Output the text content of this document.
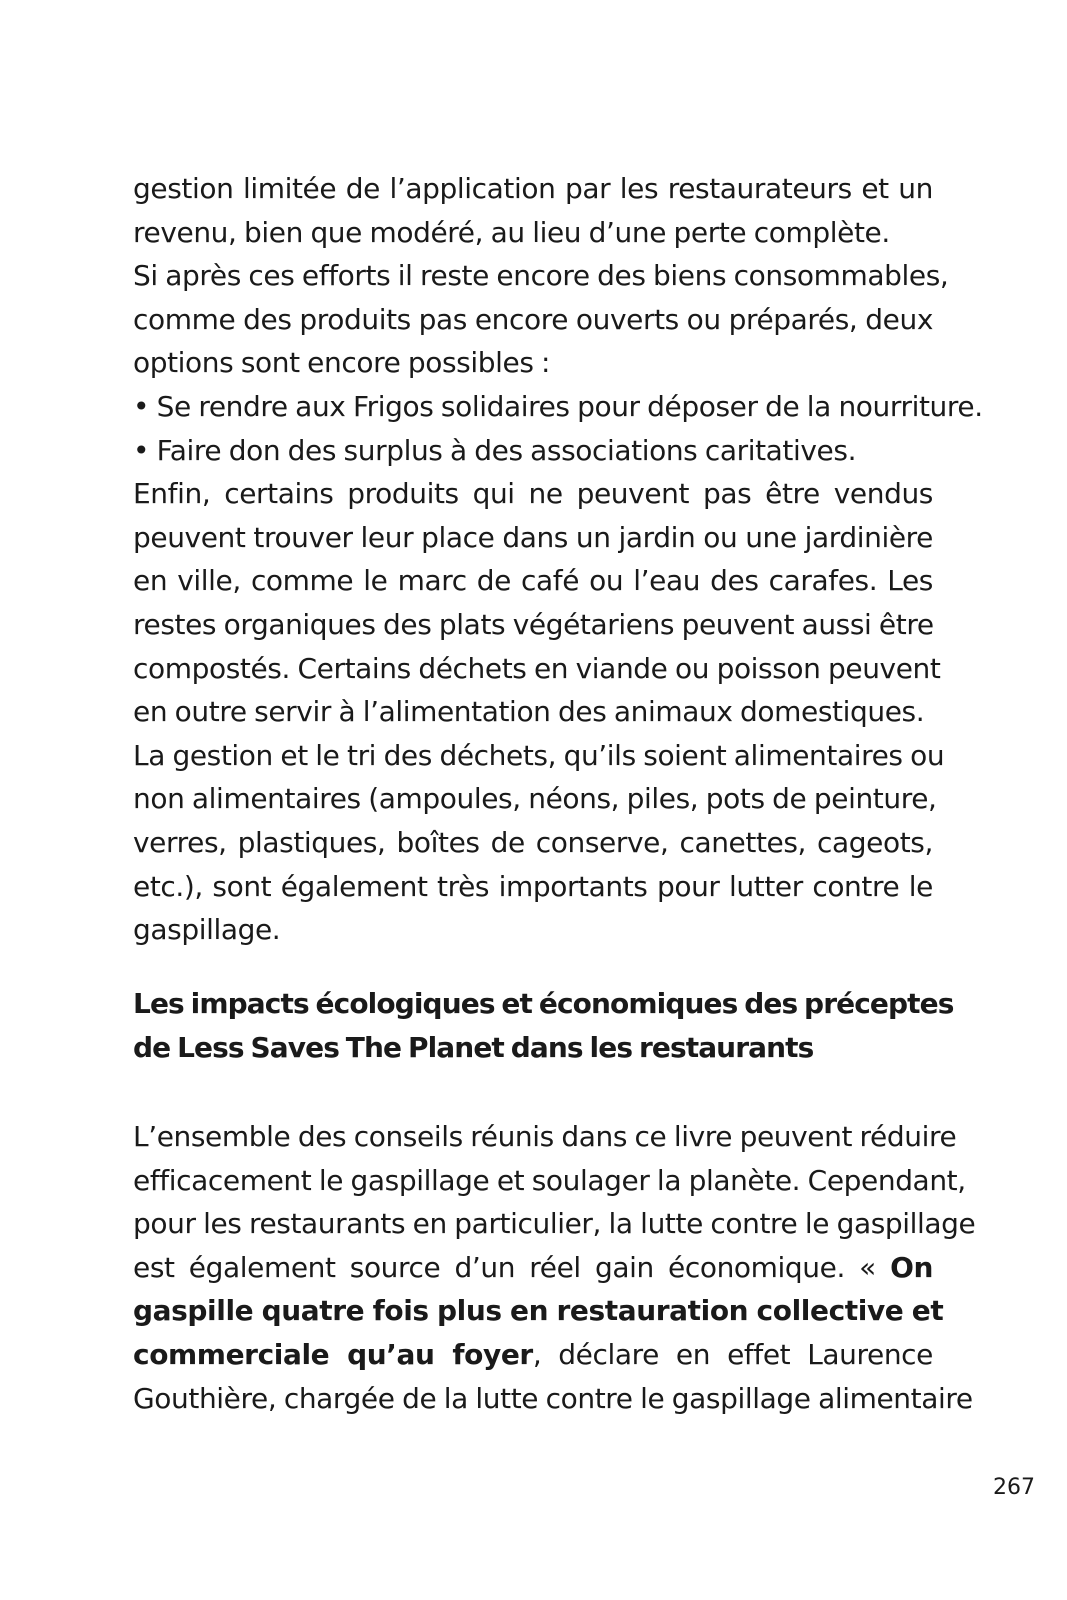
gestion limitée de l’application par les restaurateurs et un
revenu, bien que modéré, au lieu d’une perte complète.
Si après ces efforts il reste encore des biens consommables,
comme des produits pas encore ouverts ou préparés, deux
options sont encore possibles :
• Se rendre aux Frigos solidaires pour déposer de la nourriture.
• Faire don des surplus à des associations caritatives.
Enfin, certains produits qui ne peuvent pas être vendus
peuvent trouver leur place dans un jardin ou une jardinière
en ville, comme le marc de café ou l’eau des carafes. Les
restes organiques des plats végétariens peuvent aussi être
compostés. Certains déchets en viande ou poisson peuvent
en outre servir à l’alimentation des animaux domestiques.
La gestion et le tri des déchets, qu’ils soient alimentaires ou
non alimentaires (ampoules, néons, piles, pots de peinture,
verres, plastiques, boîtes de conserve, canettes, cageots,
etc.), sont également très importants pour lutter contre le
gaspillage.
Les impacts écologiques et économiques des préceptes
de Less Saves The Planet dans les restaurants
L’ensemble des conseils réunis dans ce livre peuvent réduire
efficacement le gaspillage et soulager la planète. Cependant,
pour les restaurants en particulier, la lutte contre le gaspillage
est également source d’un réel gain économique. « On
gaspille quatre fois plus en restauration collective et
commerciale qu’au foyer, déclare en effet Laurence
Gouthière, chargée de la lutte contre le gaspillage alimentaire
267
